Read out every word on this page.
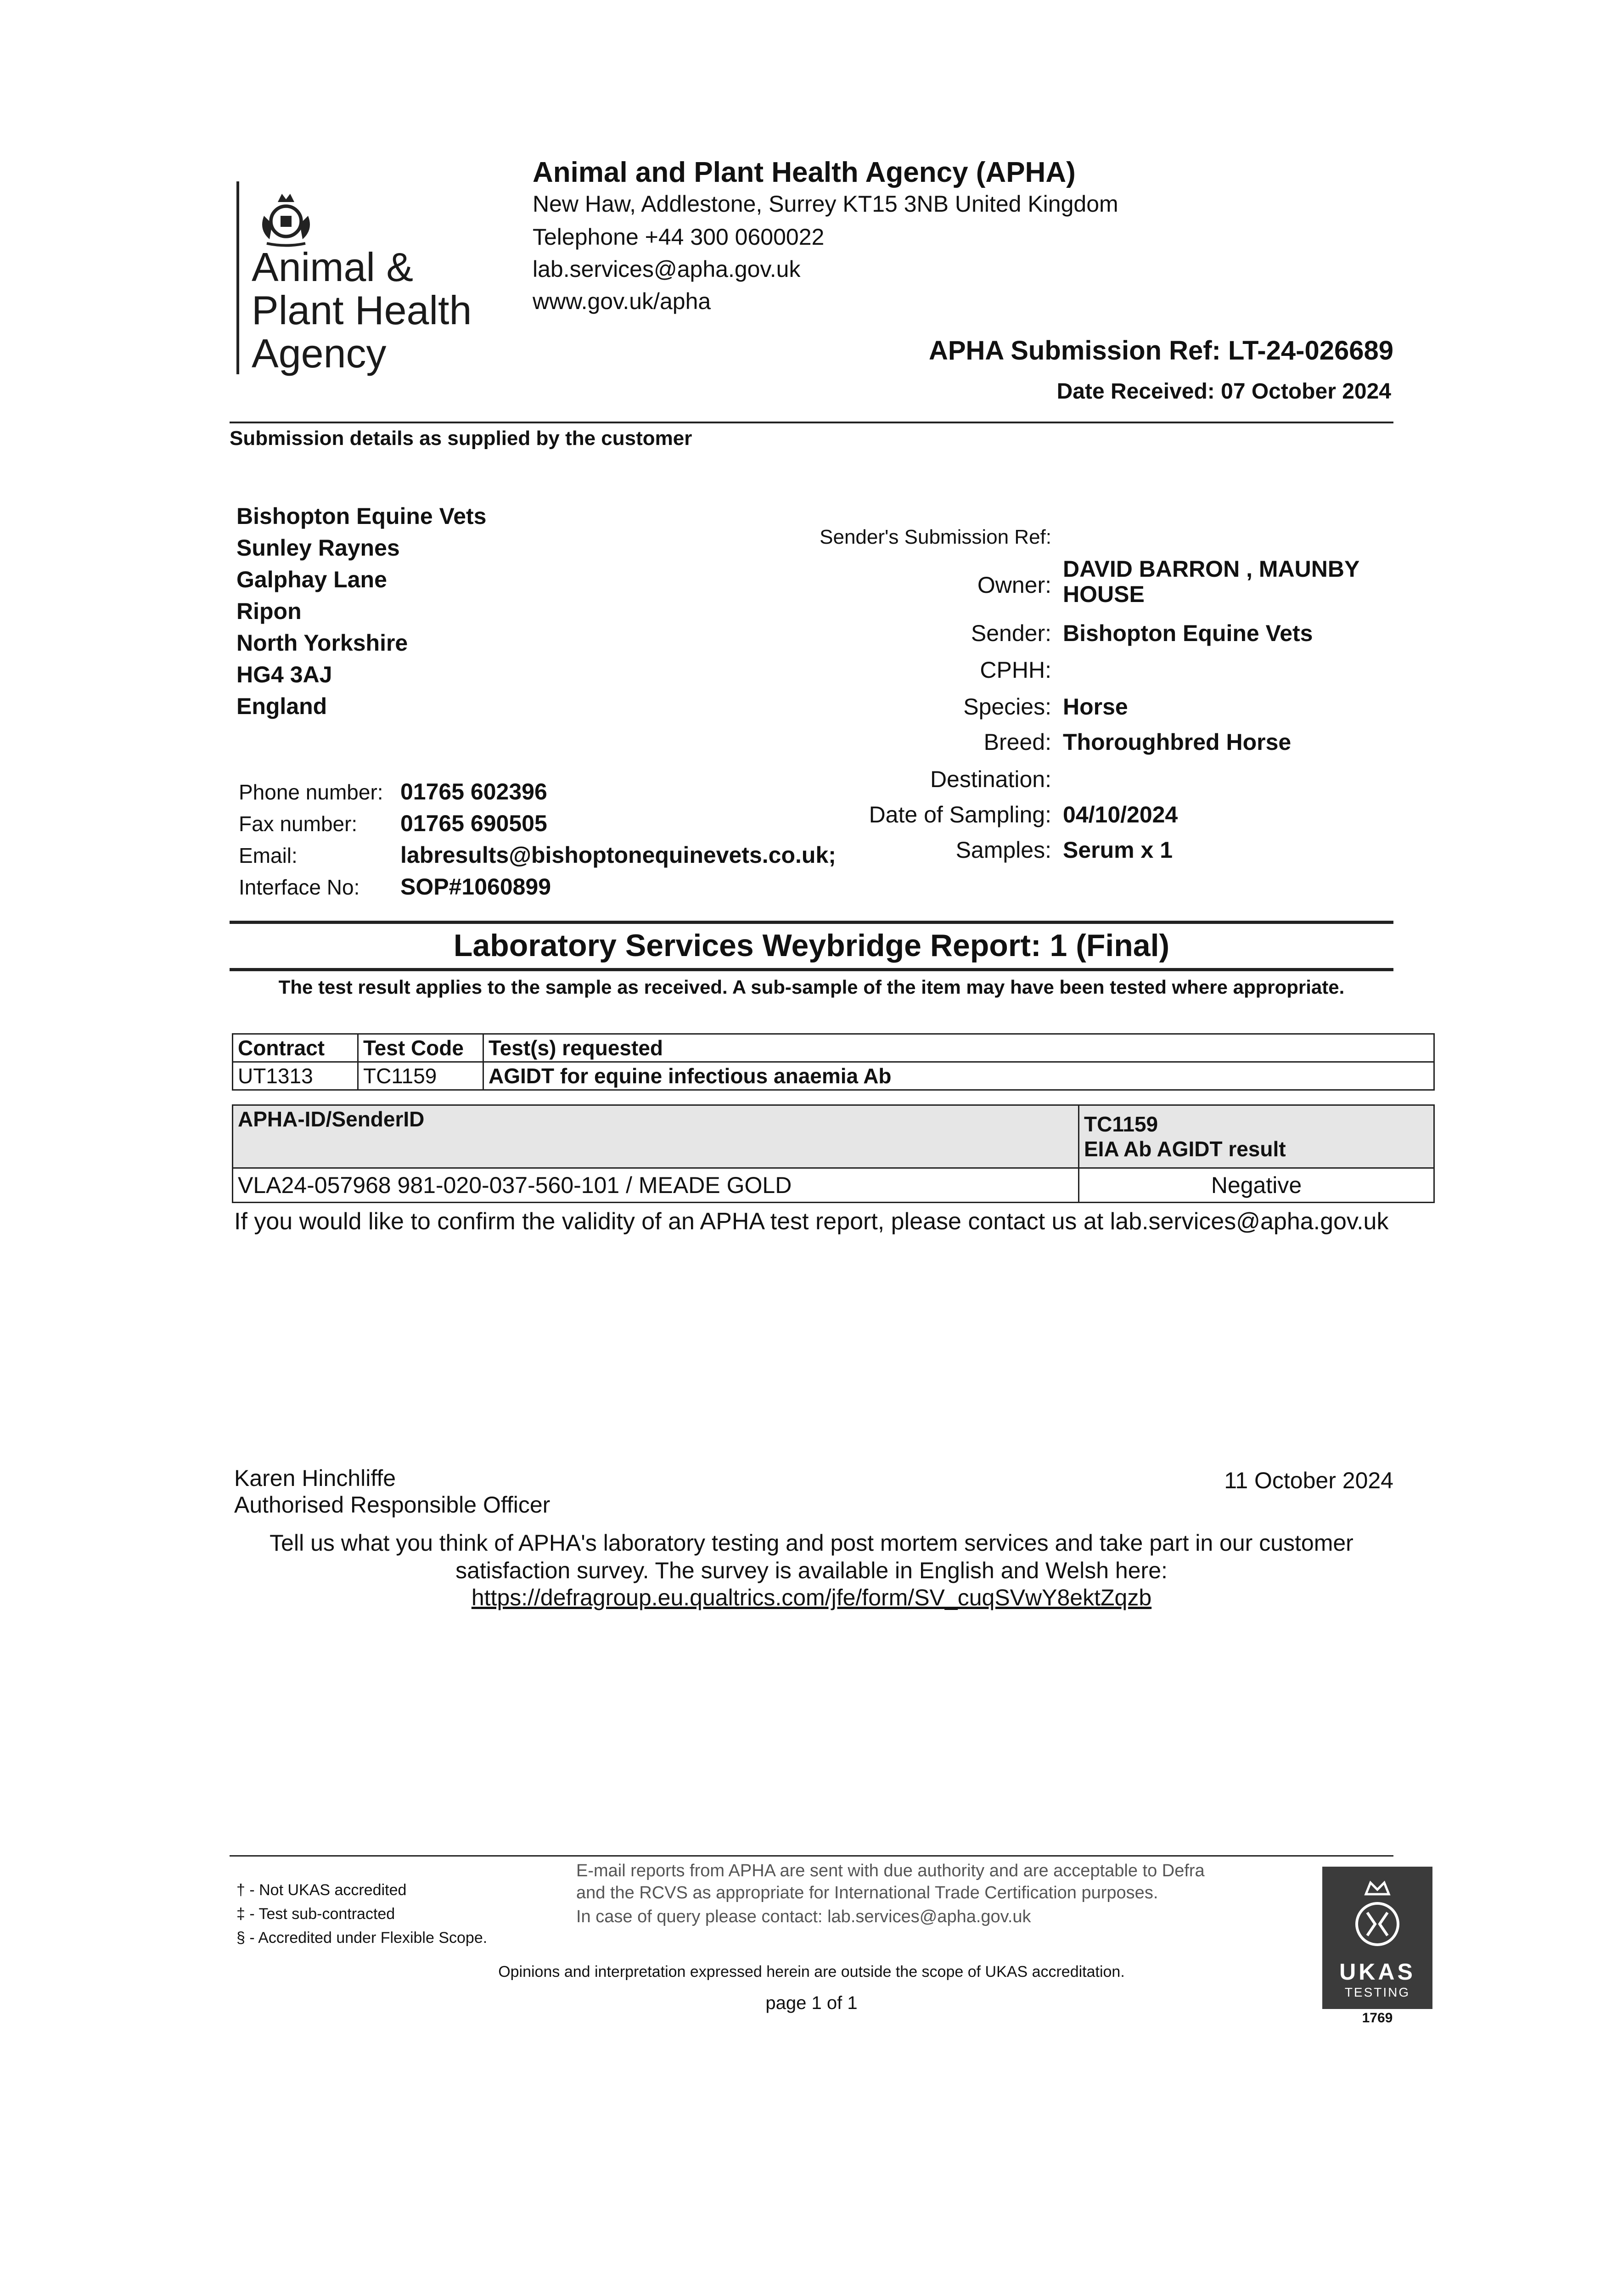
Animal &
Plant Health
Agency
Animal and Plant Health Agency (APHA)
New Haw, Addlestone, Surrey KT15 3NB United Kingdom
Telephone +44 300 0600022
lab.services@apha.gov.uk
www.gov.uk/apha
APHA Submission Ref: LT-24-026689
Date Received: 07 October 2024
Submission details as supplied by the customer
Bishopton Equine Vets
Sunley Raynes
Galphay Lane
Ripon
North Yorkshire
HG4 3AJ
England
Phone number: 01765 602396
Fax number: 01765 690505
Email:	labresults@bishoptonequinevets.co.uk;
Interface No: SOP#1060899
Sender's Submission Ref:
Owner:
DAVID BARRON , MAUNBY
HOUSE
Sender: Bishopton Equine Vets
CPHH:
Species: Horse
Breed: Thoroughbred Horse
Destination:
Date of Sampling: 04/10/2024
Samples: Serum x 1
Laboratory Services Weybridge Report: 1 (Final)
The test result applies to the sample as received. A sub-sample of the item may have been tested where appropriate.
Contract	Test Code	Test(s) requested
UT1313	TC1159	AGIDT for equine infectious anaemia Ab
APHA-ID/SenderID	TC1159
EIA Ab AGIDT result

VLA24-057968 981-020-037-560-101 / MEADE GOLD	Negative
If you would like to confirm the validity of an APHA test report, please contact us at lab.services@apha.gov.uk
Karen Hinchliffe
Authorised Responsible Officer
11 October 2024
Tell us what you think of APHA's laboratory testing and post mortem services and take part in our customer satisfaction survey. The survey is available in English and Welsh here:
https://defragroup.eu.qualtrics.com/jfe/form/SV_cuqSVwY8ektZqzb
† - Not UKAS accredited
‡ - Test sub-contracted
§ - Accredited under Flexible Scope.
E-mail reports from APHA are sent with due authority and are acceptable to Defra and the RCVS as appropriate for International Trade Certification purposes.
In case of query please contact: lab.services@apha.gov.uk
Opinions and interpretation expressed herein are outside the scope of UKAS accreditation.
page 1 of 1
UKAS
TESTING
1769
